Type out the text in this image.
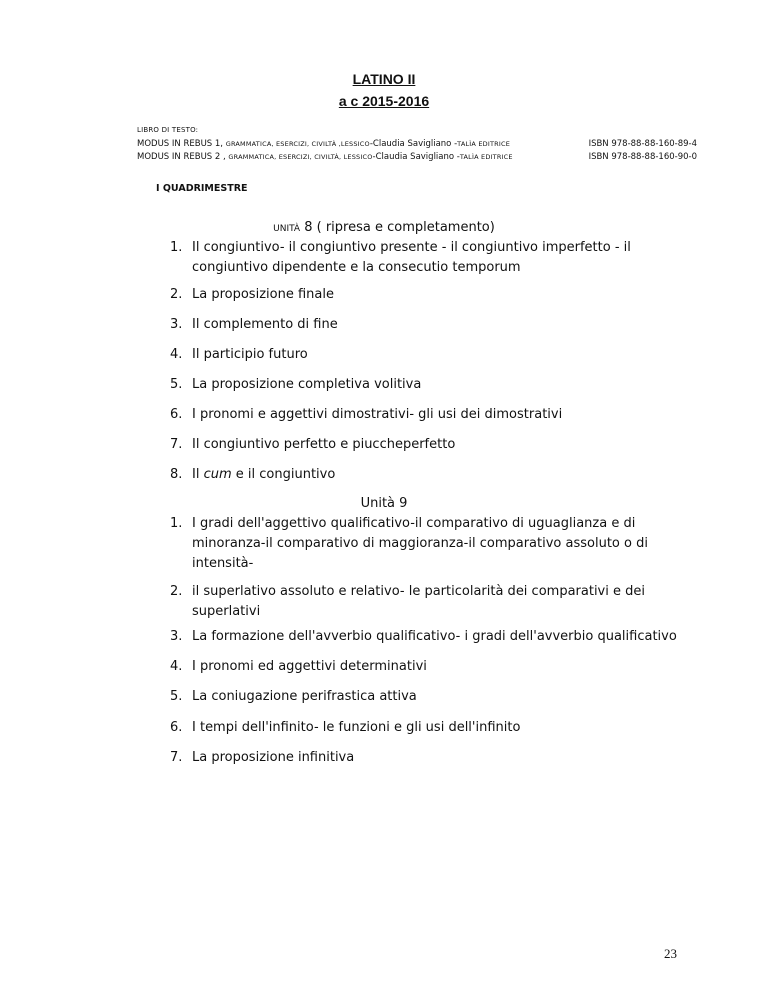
LATINO II
a c 2015-2016
LIBRO DI TESTO:
MODUS IN REBUS 1, GRAMMATICA, ESERCIZI, CIVILTÀ ,LESSICO-Claudia Savigliano -TALÌA EDITRICE	ISBN 978-88-88-160-89-4
MODUS IN REBUS 2 , GRAMMATICA, ESERCIZI, CIVILTÀ, LESSICO-Claudia Savigliano -TALÌA EDITRICE	ISBN 978-88-88-160-90-0
I QUADRIMESTRE
UNITÀ 8 ( ripresa e completamento)
1. Il congiuntivo- il congiuntivo presente - il congiuntivo imperfetto - il congiuntivo dipendente e la consecutio temporum
2. La proposizione finale
3. Il complemento di fine
4. Il participio futuro
5. La proposizione completiva volitiva
6. I pronomi e aggettivi dimostrativi- gli usi dei dimostrativi
7. Il congiuntivo perfetto e piuccheperfetto
8. Il cum e il congiuntivo
Unità 9
1. I gradi dell'aggettivo qualificativo-il comparativo di uguaglianza e di minoranza-il comparativo di maggioranza-il comparativo assoluto o di intensità-
2. il superlativo assoluto e relativo- le particolarità dei comparativi e dei superlativi
3. La formazione dell'avverbio qualificativo- i gradi dell'avverbio qualificativo
4. I pronomi ed aggettivi determinativi
5. La coniugazione perifrastica attiva
6. I tempi dell'infinito- le funzioni e gli usi dell'infinito
7. La proposizione infinitiva
23
